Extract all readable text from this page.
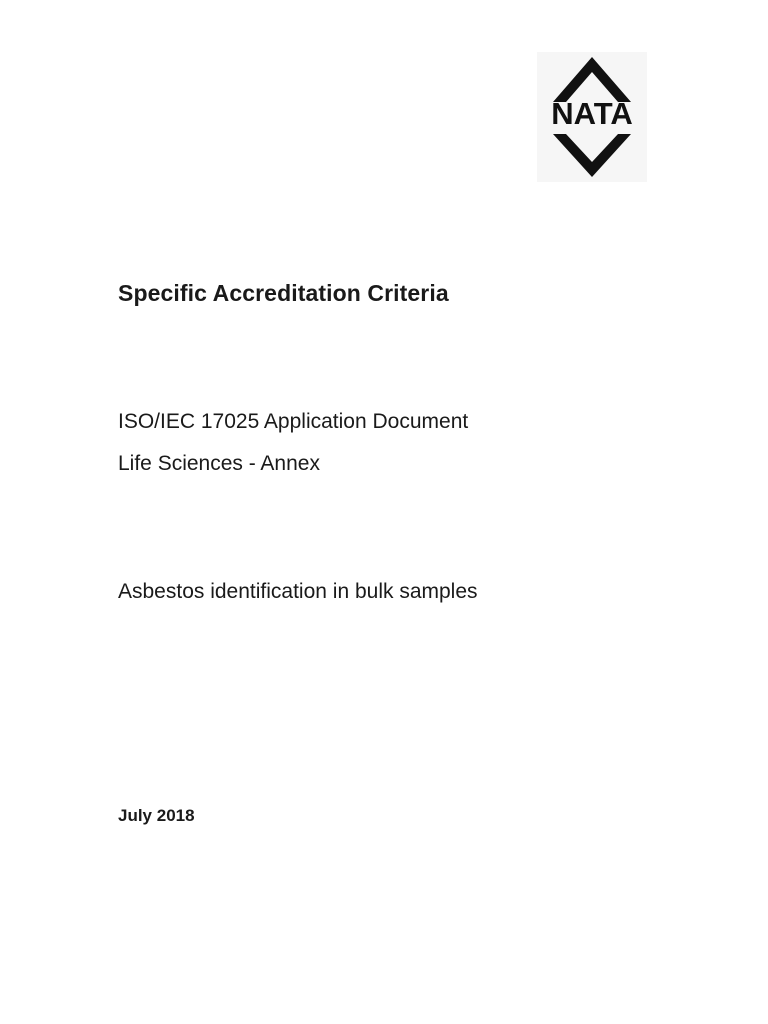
NATA
Specific Accreditation Criteria
ISO/IEC 17025 Application Document
Life Sciences - Annex
Asbestos identification in bulk samples
July 2018
